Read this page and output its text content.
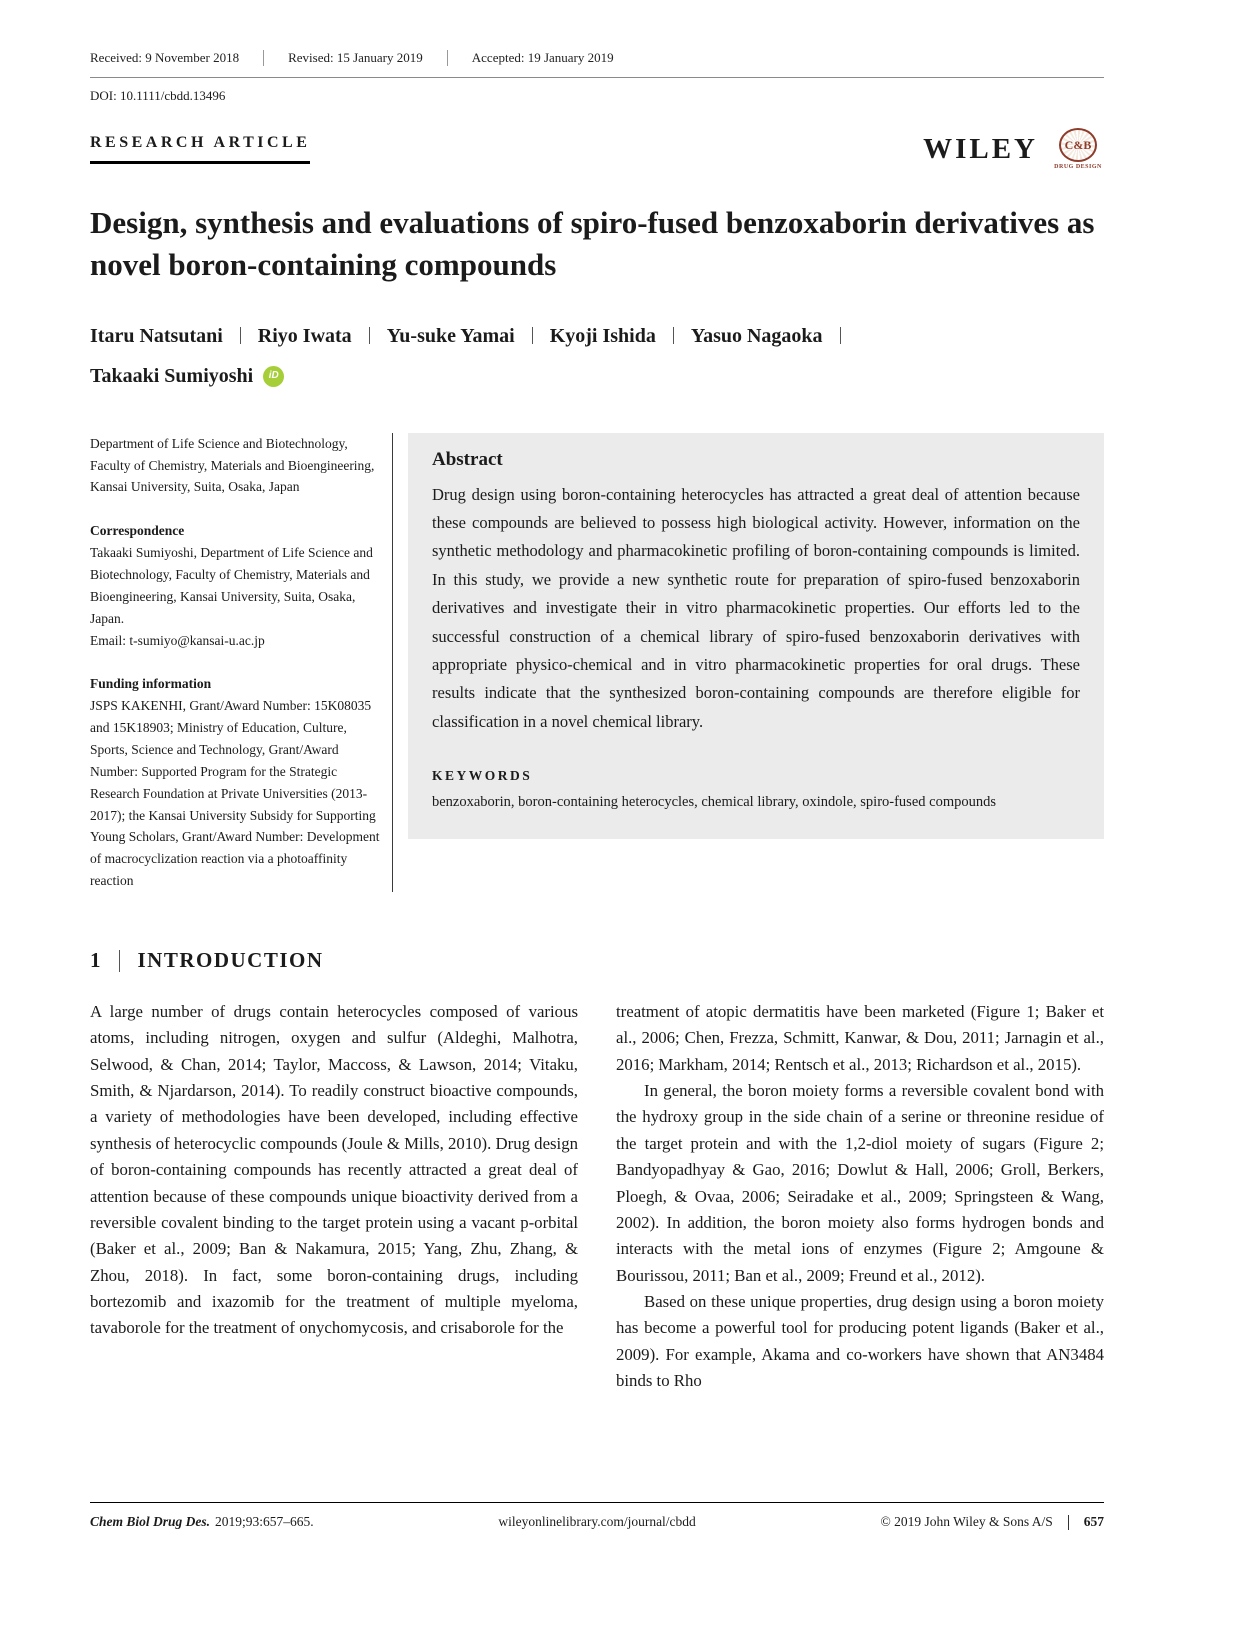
Received: 9 November 2018	Revised: 15 January 2019	Accepted: 19 January 2019
DOI: 10.1111/cbdd.13496
RESEARCH ARTICLE	WILEY	C&B
DRUG DESIGN
Design, synthesis and evaluations of spiro-fused benzoxaborin derivatives as novel boron-containing compounds
Itaru Natsutani Riyo Iwata Yu-suke Yamai Kyoji Ishida Yasuo Nagaoka
Takaaki Sumiyoshi	iD

Department of Life Science and Biotechnology, Faculty of Chemistry, Materials and Bioengineering, Kansai University, Suita, Osaka, Japan

Correspondence

Takaaki Sumiyoshi, Department of Life Science and Biotechnology, Faculty of Chemistry, Materials and Bioengineering, Kansai University, Suita, Osaka, Japan.

Email: t-sumiyo@kansai-u.ac.jp

Funding information

JSPS KAKENHI, Grant/Award Number: 15K08035 and 15K18903; Ministry of Education, Culture, Sports, Science and Technology, Grant/Award Number: Supported Program for the Strategic Research Foundation at Private Universities (2013-2017); the Kansai University Subsidy for Supporting Young Scholars, Grant/Award Number: Development of macrocyclization reaction via a photoaffinity reaction

Abstract

Drug design using boron-containing heterocycles has attracted a great deal of attention because these compounds are believed to possess high biological activity. However, information on the synthetic methodology and pharmacokinetic profiling of boron-containing compounds is limited. In this study, we provide a new synthetic route for preparation of spiro-fused benzoxaborin derivatives and investigate their in vitro pharmacokinetic properties. Our efforts led to the successful construction of a chemical library of spiro-fused benzoxaborin derivatives with appropriate physico-chemical and in vitro pharmacokinetic properties for oral drugs. These results indicate that the synthesized boron-containing compounds are therefore eligible for classification in a novel chemical library.

KEYWORDS
benzoxaborin, boron-containing heterocycles, chemical library, oxindole, spiro-fused compounds
1 INTRODUCTION

A large number of drugs contain heterocycles composed of various atoms, including nitrogen, oxygen and sulfur (Aldeghi, Malhotra, Selwood, & Chan, 2014; Taylor, Maccoss, & Lawson, 2014; Vitaku, Smith, & Njardarson, 2014). To readily construct bioactive compounds, a variety of methodologies have been developed, including effective synthesis of heterocyclic compounds (Joule & Mills, 2010). Drug design of boron-containing compounds has recently attracted a great deal of attention because of these compounds unique bioactivity derived from a reversible covalent binding to the target protein using a vacant p-orbital (Baker et al., 2009; Ban & Nakamura, 2015; Yang, Zhu, Zhang, & Zhou, 2018). In fact, some boron-containing drugs, including bortezomib and ixazomib for the treatment of multiple myeloma, tavaborole for the treatment of onychomycosis, and crisaborole for the

treatment of atopic dermatitis have been marketed (Figure 1; Baker et al., 2006; Chen, Frezza, Schmitt, Kanwar, & Dou, 2011; Jarnagin et al., 2016; Markham, 2014; Rentsch et al., 2013; Richardson et al., 2015).

In general, the boron moiety forms a reversible covalent bond with the hydroxy group in the side chain of a serine or threonine residue of the target protein and with the 1,2-diol moiety of sugars (Figure 2; Bandyopadhyay & Gao, 2016; Dowlut & Hall, 2006; Groll, Berkers, Ploegh, & Ovaa, 2006; Seiradake et al., 2009; Springsteen & Wang, 2002). In addition, the boron moiety also forms hydrogen bonds and interacts with the metal ions of enzymes (Figure 2; Amgoune & Bourissou, 2011; Ban et al., 2009; Freund et al., 2012).

Based on these unique properties, drug design using a boron moiety has become a powerful tool for producing potent ligands (Baker et al., 2009). For example, Akama and co-workers have shown that AN3484 binds to Rho

Chem Biol Drug Des. 2019;93:657–665.	wileyonlinelibrary.com/journal/cbdd	© 2019 John Wiley & Sons A/S 657
